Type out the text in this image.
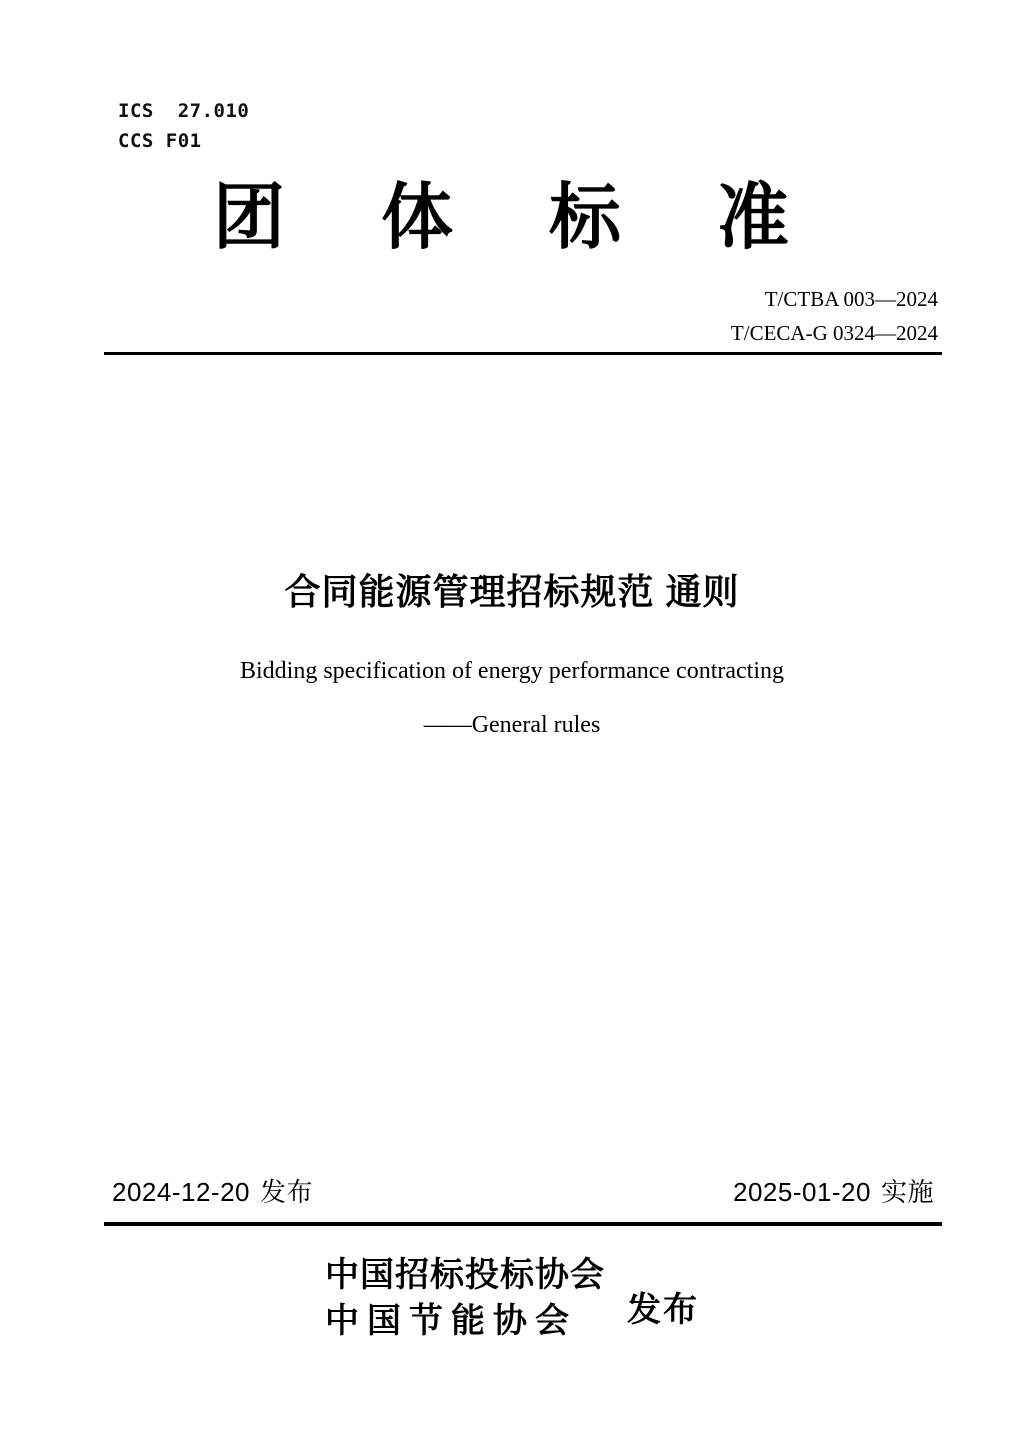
ICS  27.010
CCS F01
团 体 标 准
T/CTBA 003—2024
T/CECA-G 0324—2024
合同能源管理招标规范 通则
Bidding specification of energy performance contracting
——General rules
2024-12-20 发布	2025-01-20 实施
中国招标投标协会
中国节能协会	发布
